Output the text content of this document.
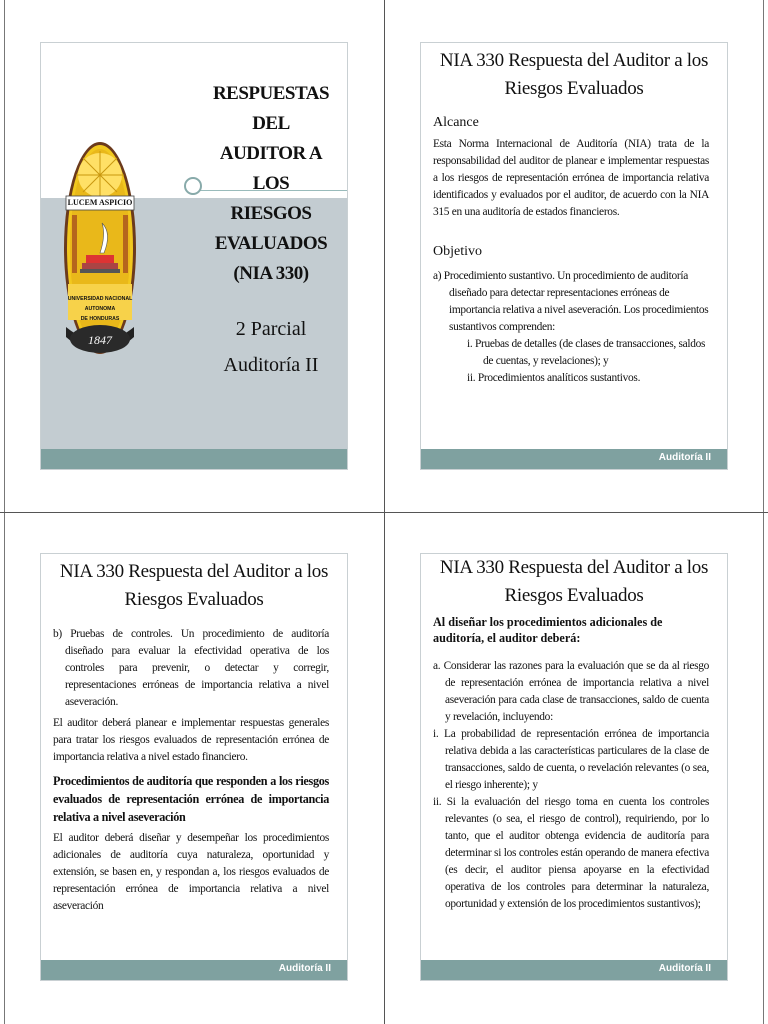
LUCEM ASPICIO
UNIVERSIDAD NACIONAL
AUTONOMA
DE HONDURAS
1847
RESPUESTAS DEL
AUDITOR A LOS
RIESGOS
EVALUADOS
(NIA 330)
2 Parcial
Auditoría II
NIA 330 Respuesta del Auditor a los
Riesgos Evaluados
Alcance
Esta Norma Internacional de Auditoría (NIA) trata de la responsabilidad del auditor de planear e implementar respuestas a los riesgos de representación errónea de importancia relativa identificados y evaluados por el auditor, de acuerdo con la NIA 315 en una auditoría de estados financieros.
Objetivo

a) Procedimiento sustantivo. Un procedimiento de auditoría diseñado para detectar representaciones erróneas de importancia relativa a nivel aseveración. Los procedimientos sustantivos comprenden:

i. Pruebas de detalles (de clases de transacciones, saldos de cuentas, y revelaciones); y

ii. Procedimientos analíticos sustantivos.

Auditoría II
NIA 330 Respuesta del Auditor a los
Riesgos Evaluados

b) Pruebas de controles. Un procedimiento de auditoría diseñado para evaluar la efectividad operativa de los controles para prevenir, o detectar y corregir, representaciones erróneas de importancia relativa a nivel aseveración.

El auditor deberá planear e implementar respuestas generales para tratar los riesgos evaluados de representación errónea de importancia relativa a nivel estado financiero.

Procedimientos de auditoría que responden a los riesgos evaluados de representación errónea de importancia relativa a nivel aseveración

El auditor deberá diseñar y desempeñar los procedimientos adicionales de auditoría cuya naturaleza, oportunidad y extensión, se basen en, y respondan a, los riesgos evaluados de representación errónea de importancia relativa a nivel aseveración

Auditoría II
NIA 330 Respuesta del Auditor a los
Riesgos Evaluados
Al diseñar los procedimientos adicionales de auditoría, el auditor deberá:

a. Considerar las razones para la evaluación que se da al riesgo de representación errónea de importancia relativa a nivel aseveración para cada clase de transacciones, saldo de cuenta y revelación, incluyendo:

i. La probabilidad de representación errónea de importancia relativa debida a las características particulares de la clase de transacciones, saldo de cuenta, o revelación relevantes (o sea, el riesgo inherente); y

ii. Si la evaluación del riesgo toma en cuenta los controles relevantes (o sea, el riesgo de control), requiriendo, por lo tanto, que el auditor obtenga evidencia de auditoría para determinar si los controles están operando de manera efectiva (es decir, el auditor piensa apoyarse en la efectividad operativa de los controles para determinar la naturaleza, oportunidad y extensión de los procedimientos sustantivos);

Auditoría II
